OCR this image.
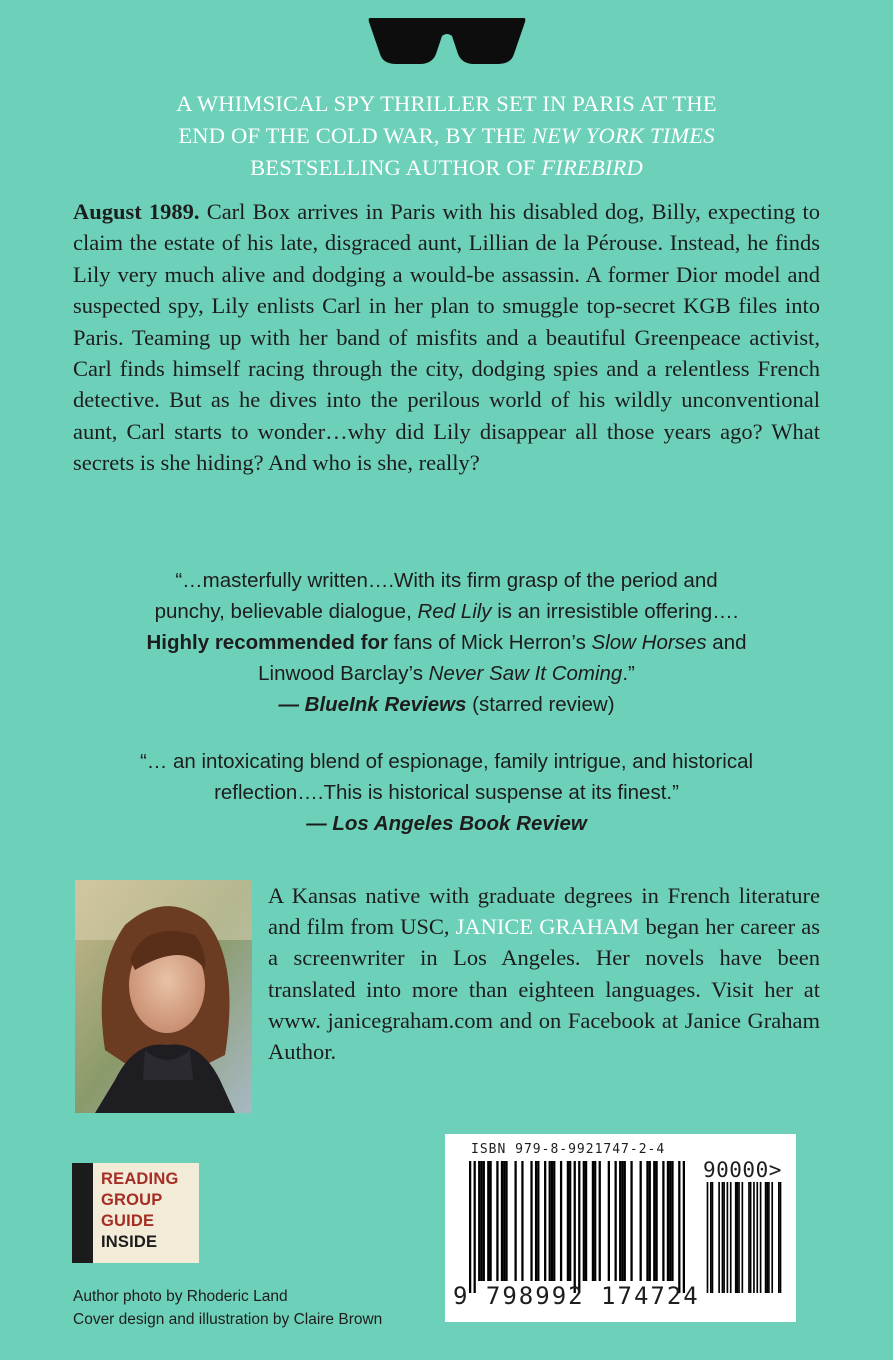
A WHIMSICAL SPY THRILLER SET IN PARIS AT THE
END OF THE COLD WAR, BY THE NEW YORK TIMES
BESTSELLING AUTHOR OF FIREBIRD

August 1989. Carl Box arrives in Paris with his disabled dog, Billy, expecting to claim the estate of his late, disgraced aunt, Lillian de la Pérouse. Instead, he finds Lily very much alive and dodging a would-be assassin. A former Dior model and suspected spy, Lily enlists Carl in her plan to smuggle top-secret KGB files into Paris. Teaming up with her band of misfits and a beautiful Greenpeace activist, Carl finds himself racing through the city, dodging spies and a relentless French detective. But as he dives into the perilous world of his wildly unconventional aunt, Carl starts to wonder…why did Lily disappear all those years ago? What secrets is she hiding? And who is she, really?

“…masterfully written….With its firm grasp of the period and
punchy, believable dialogue, Red Lily is an irresistible offering….
Highly recommended for fans of Mick Herron’s Slow Horses and
Linwood Barclay’s Never Saw It Coming.”
— BlueInk Reviews (starred review)
“… an intoxicating blend of espionage, family intrigue, and historical
reflection….This is historical suspense at its finest.”
— Los Angeles Book Review

A Kansas native with graduate degrees in French literature and film from USC, JANICE GRAHAM began her career as a screenwriter in Los Angeles. Her novels have been translated into more than eighteen languages. Visit her at www. janicegraham.com and on Facebook at Janice Graham Author.

READING
GROUP
GUIDE
INSIDE
Author photo by Rhoderic Land
Cover design and illustration by Claire Brown
ISBN 979-8-9921747-2-4
90000>
9 798992 174724
